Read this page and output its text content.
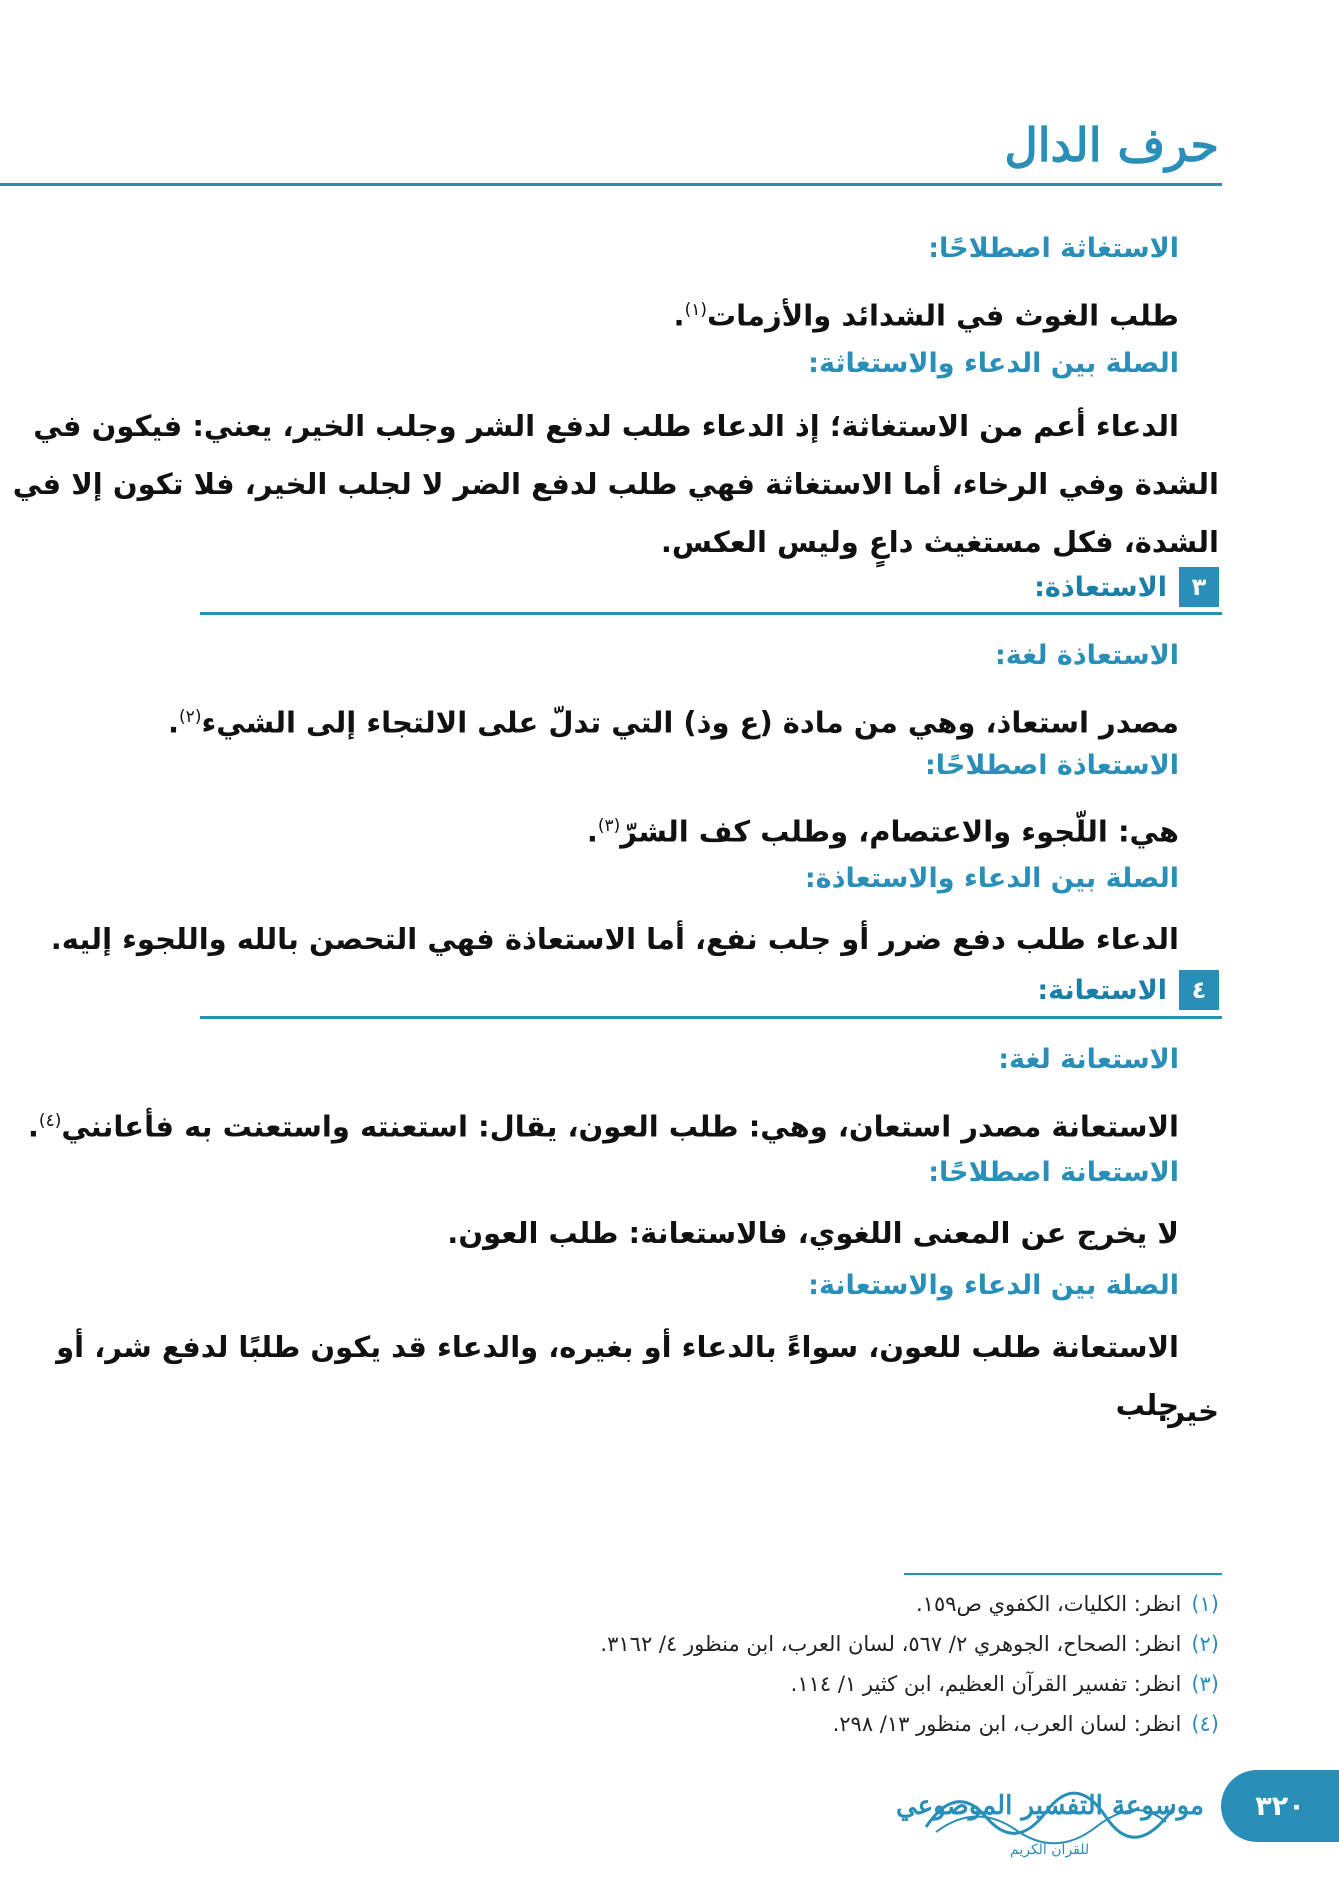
حرف الدال
الاستغاثة اصطلاحًا:
طلب الغوث في الشدائد والأزمات$^{(١)}$.
الصلة بين الدعاء والاستغاثة:
الدعاء أعم من الاستغاثة؛ إذ الدعاء طلب لدفع الشر وجلب الخير، يعني: فيكون في
الشدة وفي الرخاء، أما الاستغاثة فهي طلب لدفع الضر لا لجلب الخير، فلا تكون إلا في
الشدة، فكل مستغيث داعٍ وليس العكس.
٣
الاستعاذة:
الاستعاذة لغة:
مصدر استعاذ، وهي من مادة (ع وذ) التي تدلّ على الالتجاء إلى الشيء$^{(٢)}$.
الاستعاذة اصطلاحًا:
هي: اللّجوء والاعتصام، وطلب كف الشرّ$^{(٣)}$.
الصلة بين الدعاء والاستعاذة:
الدعاء طلب دفع ضرر أو جلب نفع، أما الاستعاذة فهي التحصن بالله واللجوء إليه.
٤
الاستعانة:
الاستعانة لغة:
الاستعانة مصدر استعان، وهي: طلب العون، يقال: استعنته واستعنت به فأعانني$^{(٤)}$.
الاستعانة اصطلاحًا:
لا يخرج عن المعنى اللغوي، فالاستعانة: طلب العون.
الصلة بين الدعاء والاستعانة:
الاستعانة طلب للعون، سواءً بالدعاء أو بغيره، والدعاء قد يكون طلبًا لدفع شر، أو جلب
خير.
(١)
انظر: الكليات، الكفوي ص١٥٩.
(٢)
انظر: الصحاح، الجوهري ٢/ ٥٦٧، لسان العرب، ابن منظور ٤/ ٣١٦٢.
(٣)
انظر: تفسير القرآن العظيم، ابن كثير ١/ ١١٤.
(٤)
انظر: لسان العرب، ابن منظور ١٣/ ٢٩٨.
٣٢٠
موسوعة التفسير الموضوعي
للقرآن الكريم
